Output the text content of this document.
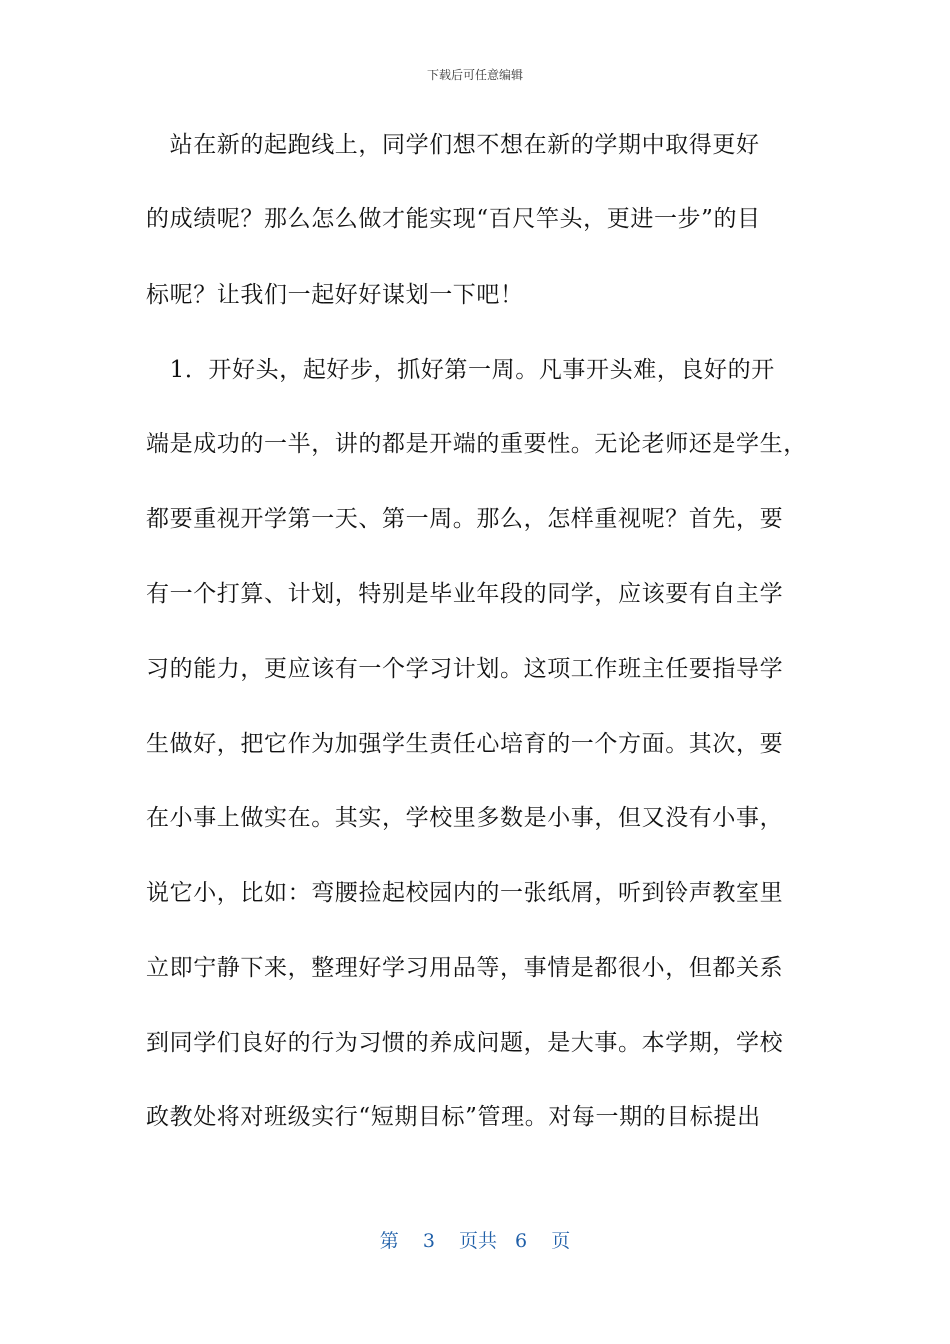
下载后可任意编辑
　站在新的起跑线上，同学们想不想在新的学期中取得更好
的成绩呢？那么怎么做才能实现“百尺竿头，更进一步”的目
标呢？让我们一起好好谋划一下吧！
　1．开好头，起好步，抓好第一周。凡事开头难，良好的开
端是成功的一半，讲的都是开端的重要性。无论老师还是学生，
都要重视开学第一天、第一周。那么，怎样重视呢？首先，要
有一个打算、计划，特别是毕业年段的同学，应该要有自主学
习的能力，更应该有一个学习计划。这项工作班主任要指导学
生做好，把它作为加强学生责任心培育的一个方面。其次，要
在小事上做实在。其实，学校里多数是小事，但又没有小事，
说它小，比如：弯腰捡起校园内的一张纸屑，听到铃声教室里
立即宁静下来，整理好学习用品等，事情是都很小，但都关系
到同学们良好的行为习惯的养成问题，是大事。本学期，学校
政教处将对班级实行“短期目标”管理。对每一期的目标提出
第 3 页共 6 页
